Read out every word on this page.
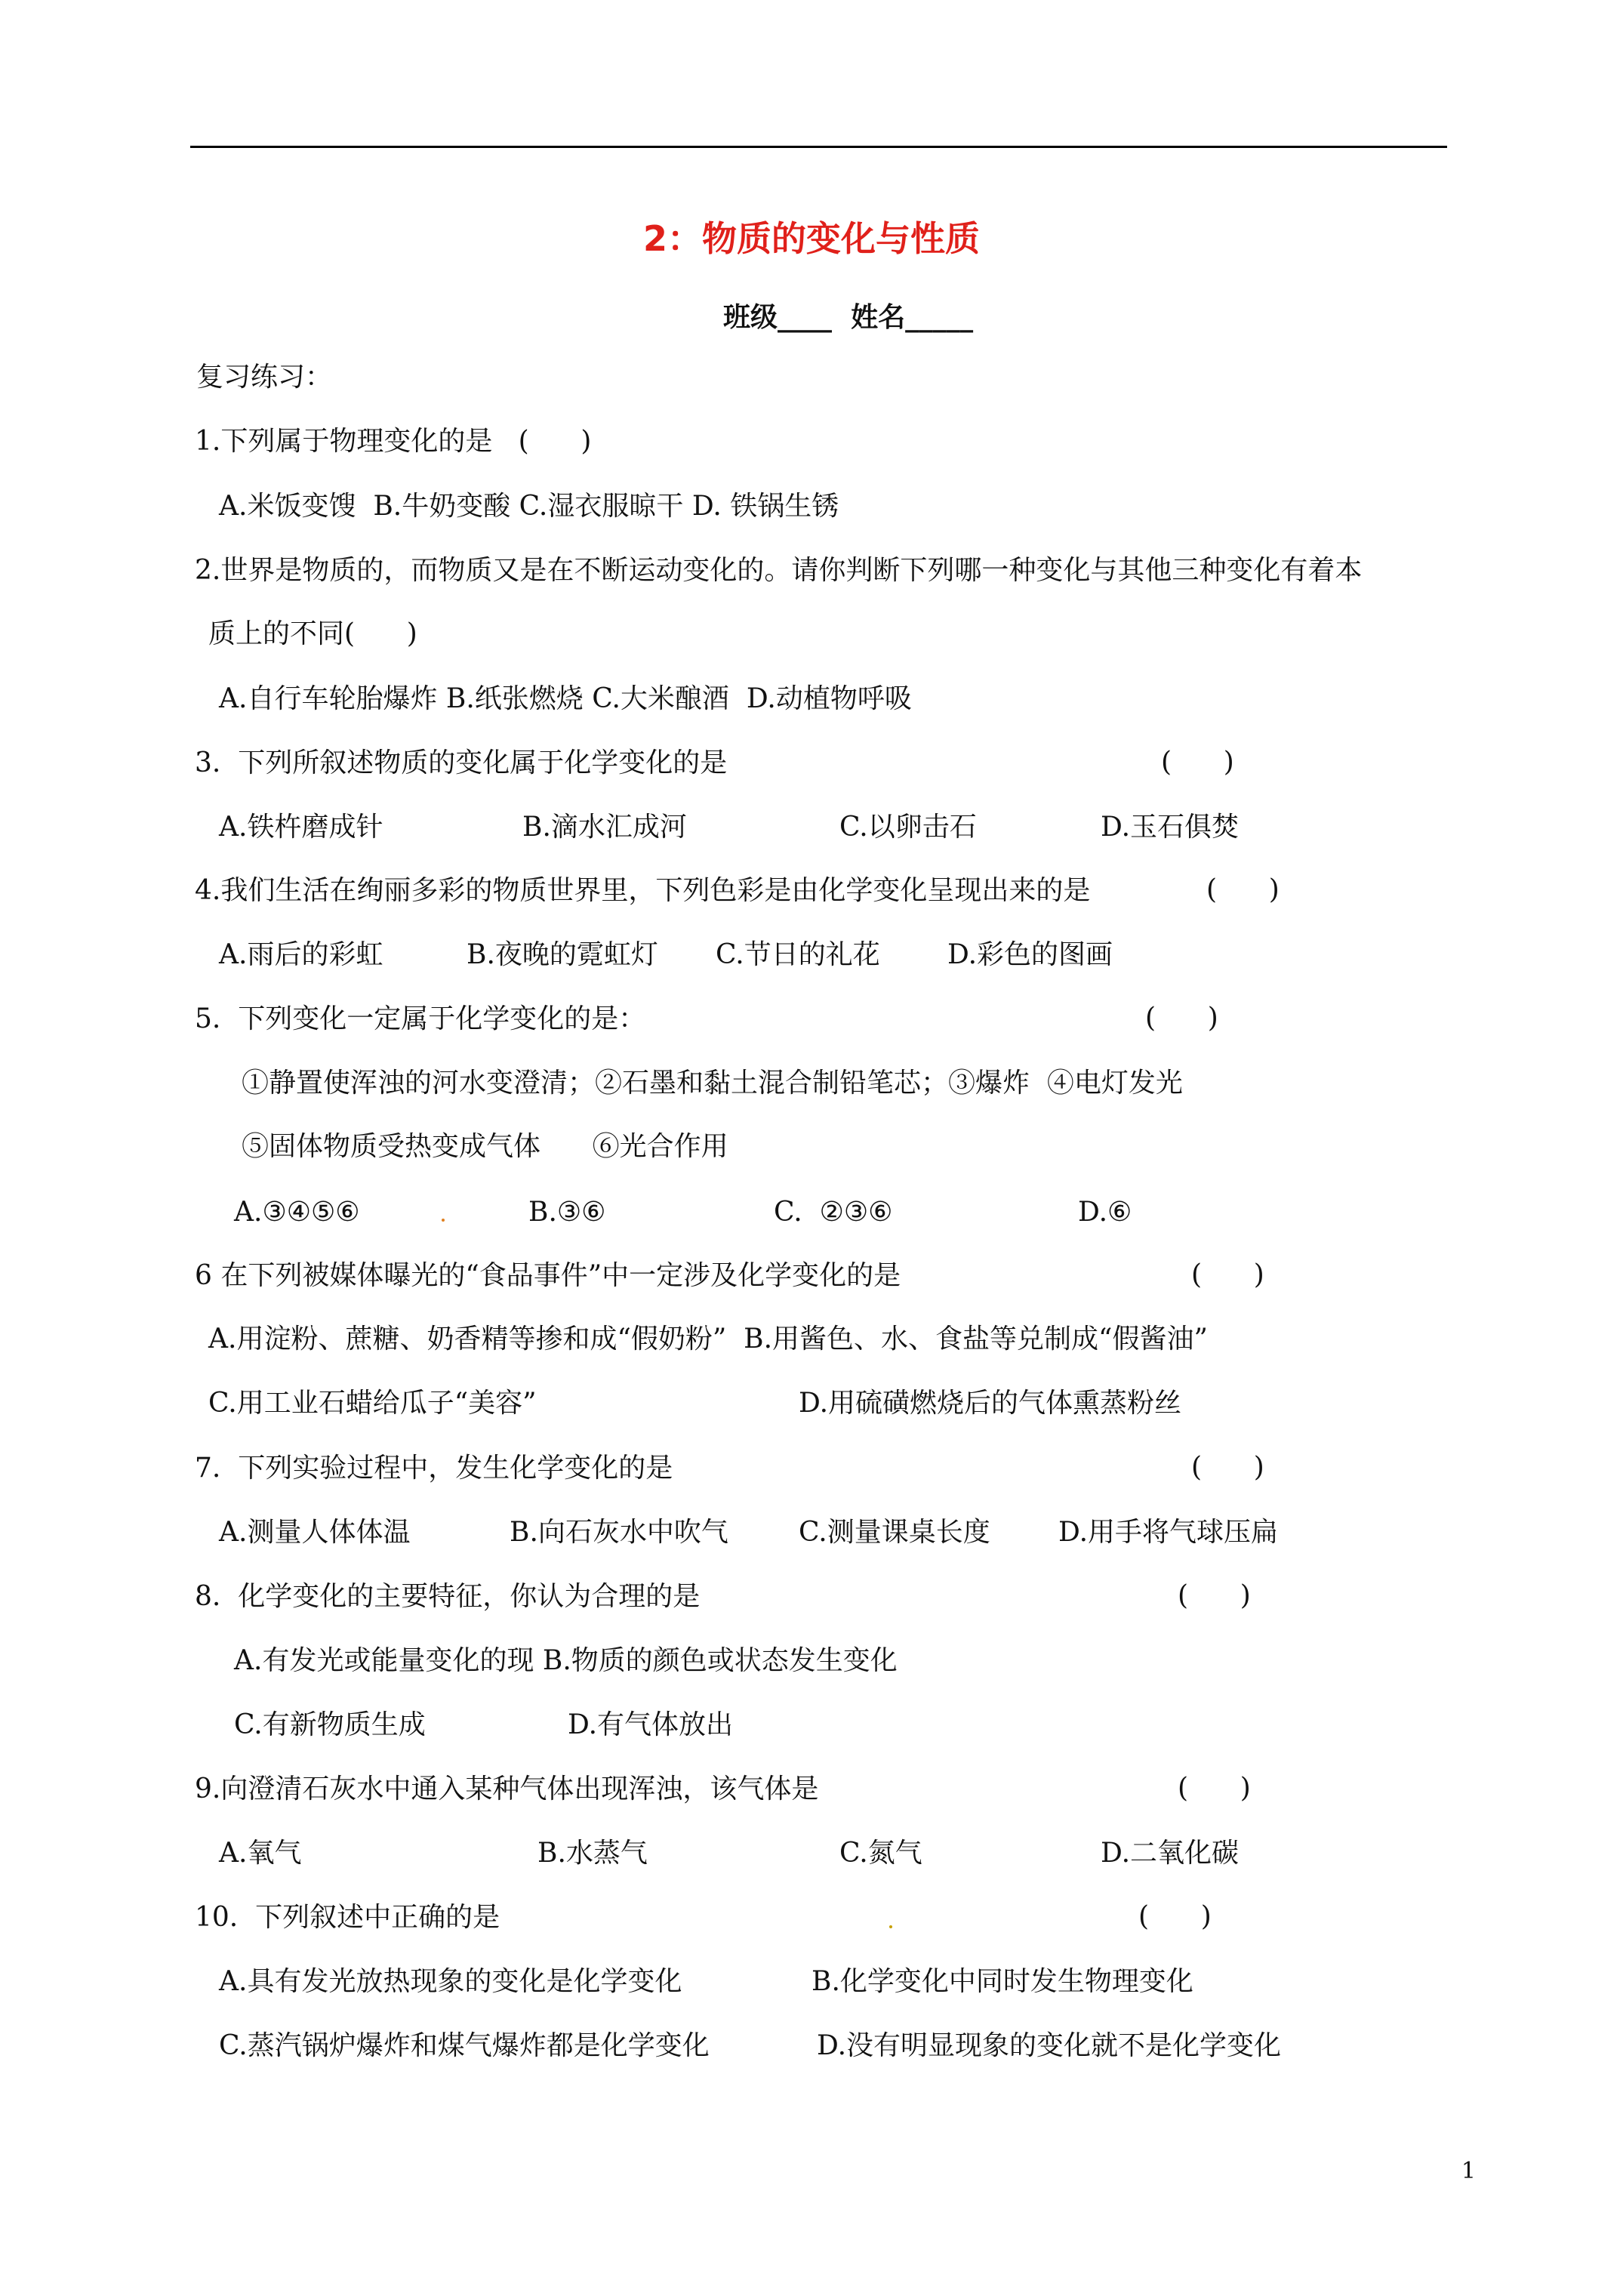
2：物质的变化与性质
班级____  姓名_____
复习练习：
1.下列属于物理变化的是   (      )
A.米饭变馊  B.牛奶变酸 C.湿衣服晾干 D. 铁锅生锈
2.世界是物质的，而物质又是在不断运动变化的。请你判断下列哪一种变化与其他三种变化有着本
质上的不同(      )
A.自行车轮胎爆炸 B.纸张燃烧 C.大米酿酒  D.动植物呼吸
3.  下列所叙述物质的变化属于化学变化的是	(      )
A.铁杵磨成针	B.滴水汇成河	C.以卵击石	D.玉石俱焚
4.我们生活在绚丽多彩的物质世界里，下列色彩是由化学变化呈现出来的是	(      )
A.雨后的彩虹	B.夜晚的霓虹灯 C.节日的礼花 D.彩色的图画
5.  下列变化一定属于化学变化的是：	(      )
①静置使浑浊的河水变澄清；②石墨和黏土混合制铅笔芯；③爆炸  ④电灯发光
⑤固体物质受热变成气体      ⑥光合作用
A.③④⑤⑥	B.③⑥	C.  ②③⑥	D.⑥
6 在下列被媒体曝光的“食品事件”中一定涉及化学变化的是	(      )
A.用淀粉、蔗糖、奶香精等掺和成“假奶粉”  B.用酱色、水、食盐等兑制成“假酱油”
C.用工业石蜡给瓜子“美容”	D.用硫磺燃烧后的气体熏蒸粉丝
7.  下列实验过程中，发生化学变化的是	(      )
A.测量人体体温	B.向石灰水中吹气	C.测量课桌长度	D.用手将气球压扁
8.  化学变化的主要特征，你认为合理的是	(      )
A.有发光或能量变化的现 B.物质的颜色或状态发生变化
C.有新物质生成	D.有气体放出
9.向澄清石灰水中通入某种气体出现浑浊，该气体是	(      )
A.氧气	B.水蒸气	C.氮气	D.二氧化碳
10.  下列叙述中正确的是	(      )
A.具有发光放热现象的变化是化学变化	B.化学变化中同时发生物理变化
C.蒸汽锅炉爆炸和煤气爆炸都是化学变化	D.没有明显现象的变化就不是化学变化
1
